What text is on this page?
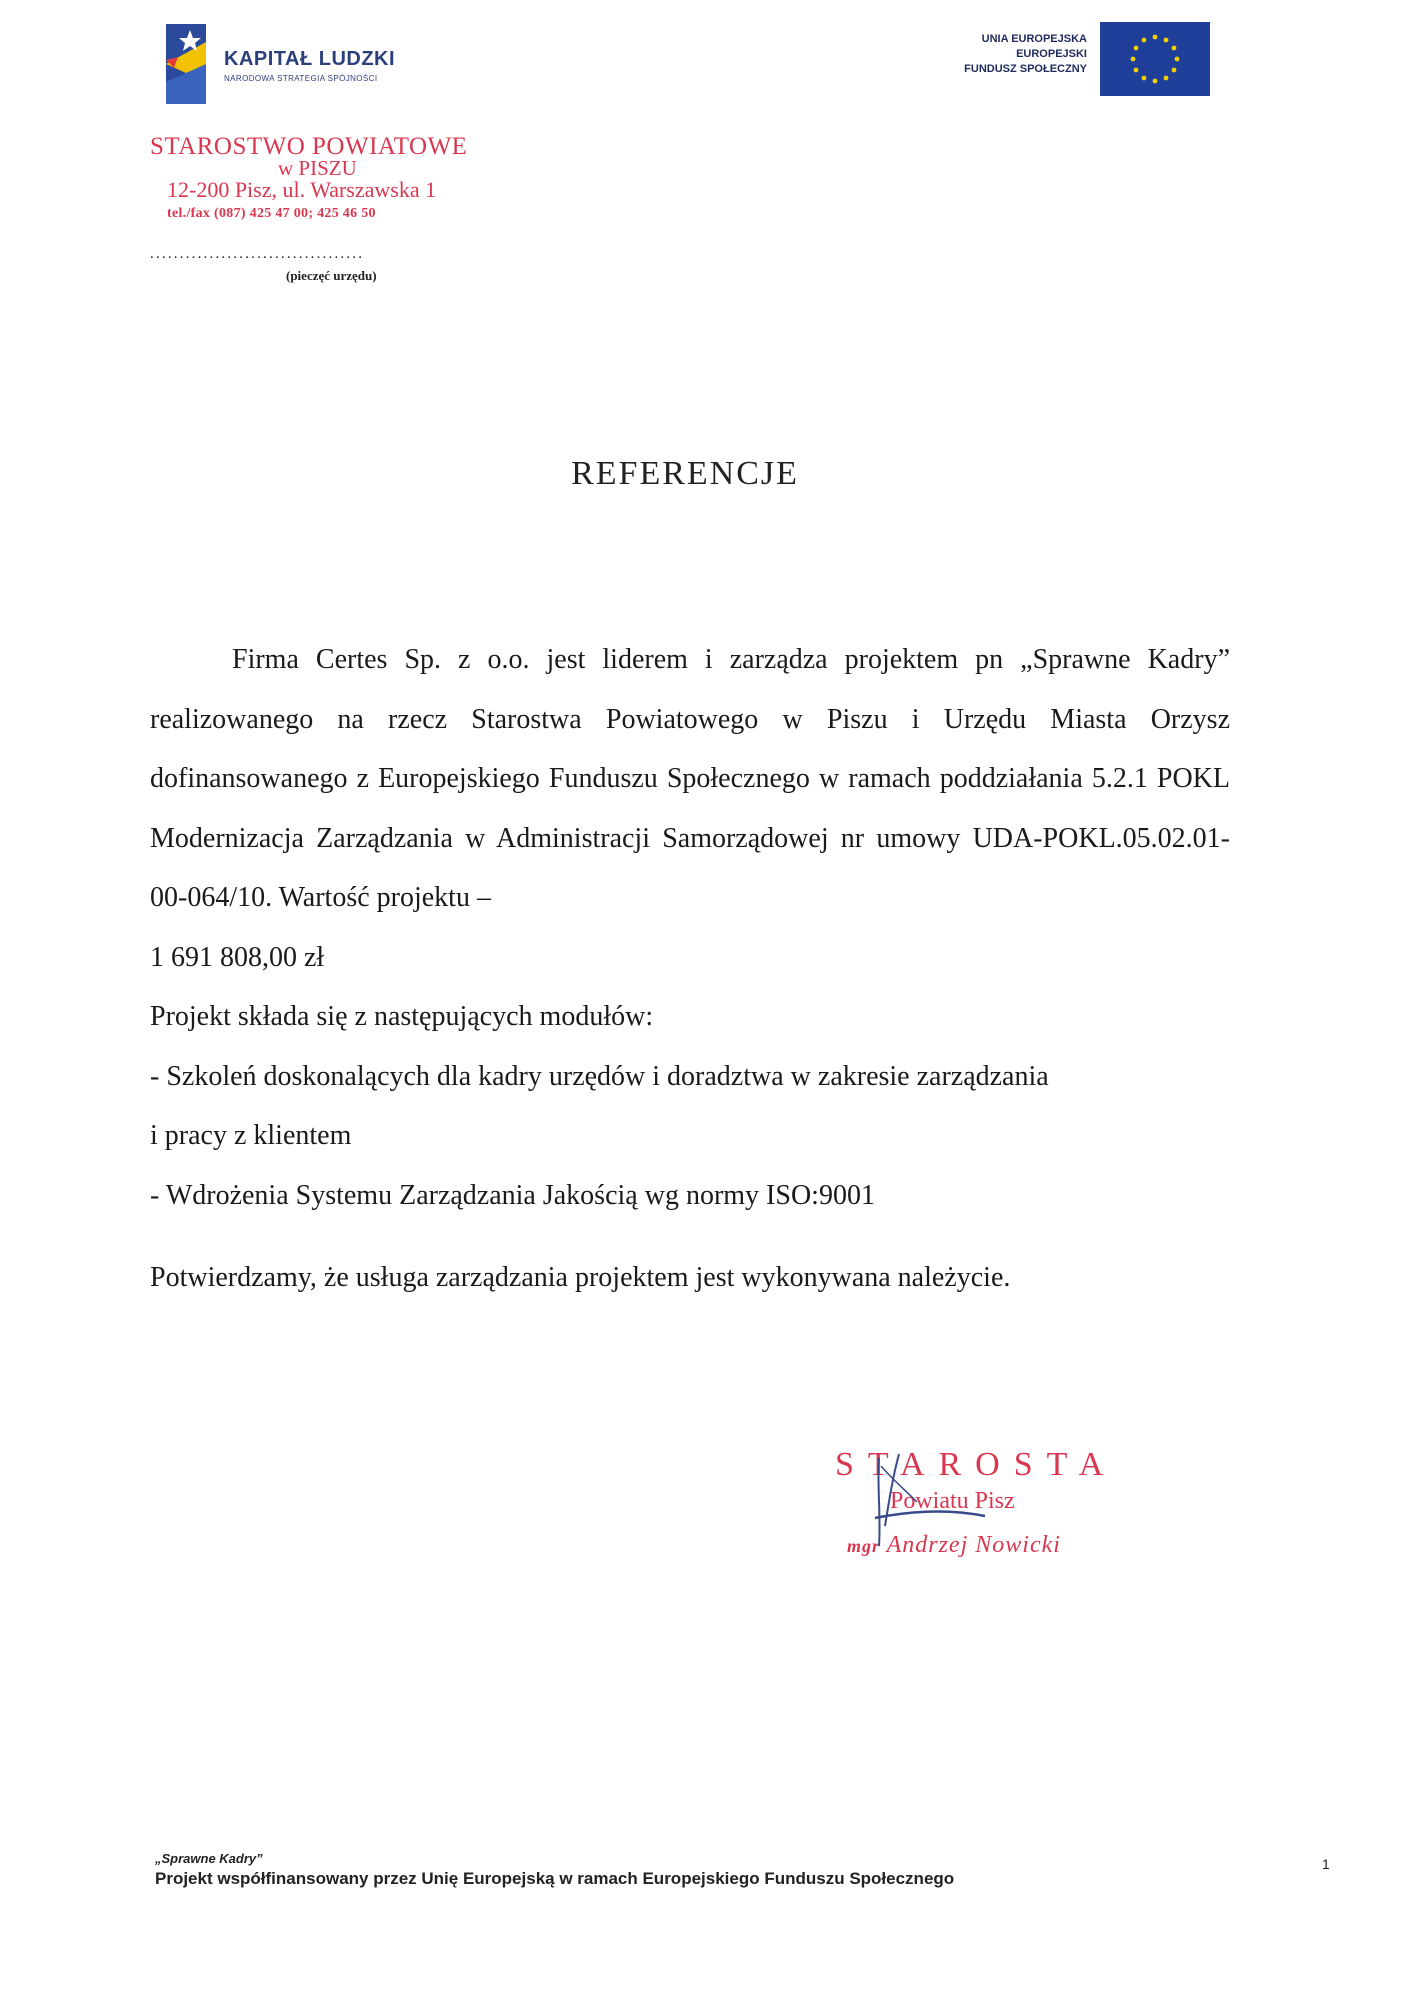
KAPITAŁ LUDZKI
NARODOWA STRATEGIA SPÓJNOŚCI
UNIA EUROPEJSKA
EUROPEJSKI
FUNDUSZ SPOŁECZNY
STAROSTWO POWIATOWE
w PISZU
12-200 Pisz, ul. Warszawska 1
tel./fax (087) 425 47 00; 425 46 50
....................................
(pieczęć urzędu)
REFERENCJE

Firma Certes Sp. z o.o. jest liderem i zarządza projektem pn „Sprawne Kadry” realizowanego na rzecz Starostwa Powiatowego w Piszu i Urzędu Miasta Orzysz dofinansowanego z Europejskiego Funduszu Społecznego w ramach poddziałania 5.2.1 POKL Modernizacja Zarządzania w Administracji Samorządowej nr umowy UDA-POKL.05.02.01-00-064/10. Wartość projektu –

1 691 808,00 zł

Projekt składa się z następujących modułów:

- Szkoleń doskonalących dla kadry urzędów i doradztwa w zakresie zarządzania

i pracy z klientem

- Wdrożenia Systemu Zarządzania Jakością wg normy ISO:9001

Potwierdzamy, że usługa zarządzania projektem jest wykonywana należycie.
STAROSTA
Powiatu Pisz
mgr Andrzej Nowicki
„Sprawne Kadry”
Projekt współfinansowany przez Unię Europejską w ramach Europejskiego Funduszu Społecznego
1
